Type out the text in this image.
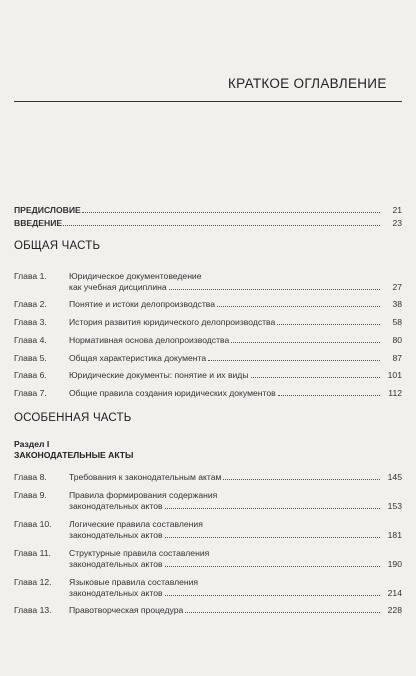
КРАТКОЕ ОГЛАВЛЕНИЕ
ПРЕДИСЛОВИЕ	21
ВВЕДЕНИЕ	23
ОБЩАЯ ЧАСТЬ
Глава 1.	Юридическое документоведение
как учебная дисциплина	27
Глава 2.	Понятие и истоки делопроизводства	38
Глава 3.	История развития юридического делопроизводства	58
Глава 4.	Нормативная основа делопроизводства	80
Глава 5.	Общая характеристика документа	87
Глава 6.	Юридические документы: понятие и их виды	101
Глава 7.	Общие правила создания юридических документов	112
ОСОБЕННАЯ ЧАСТЬ
Раздел I
ЗАКОНОДАТЕЛЬНЫЕ АКТЫ
Глава 8.	Требования к законодательным актам	145
Глава 9.	Правила формирования содержания
законодательных актов	153
Глава 10. Логические правила составления
законодательных актов	181
Глава 11. Структурные правила составления
законодательных актов	190
Глава 12. Языковые правила составления
законодательных актов	214
Глава 13. Правотворческая процедура	228
